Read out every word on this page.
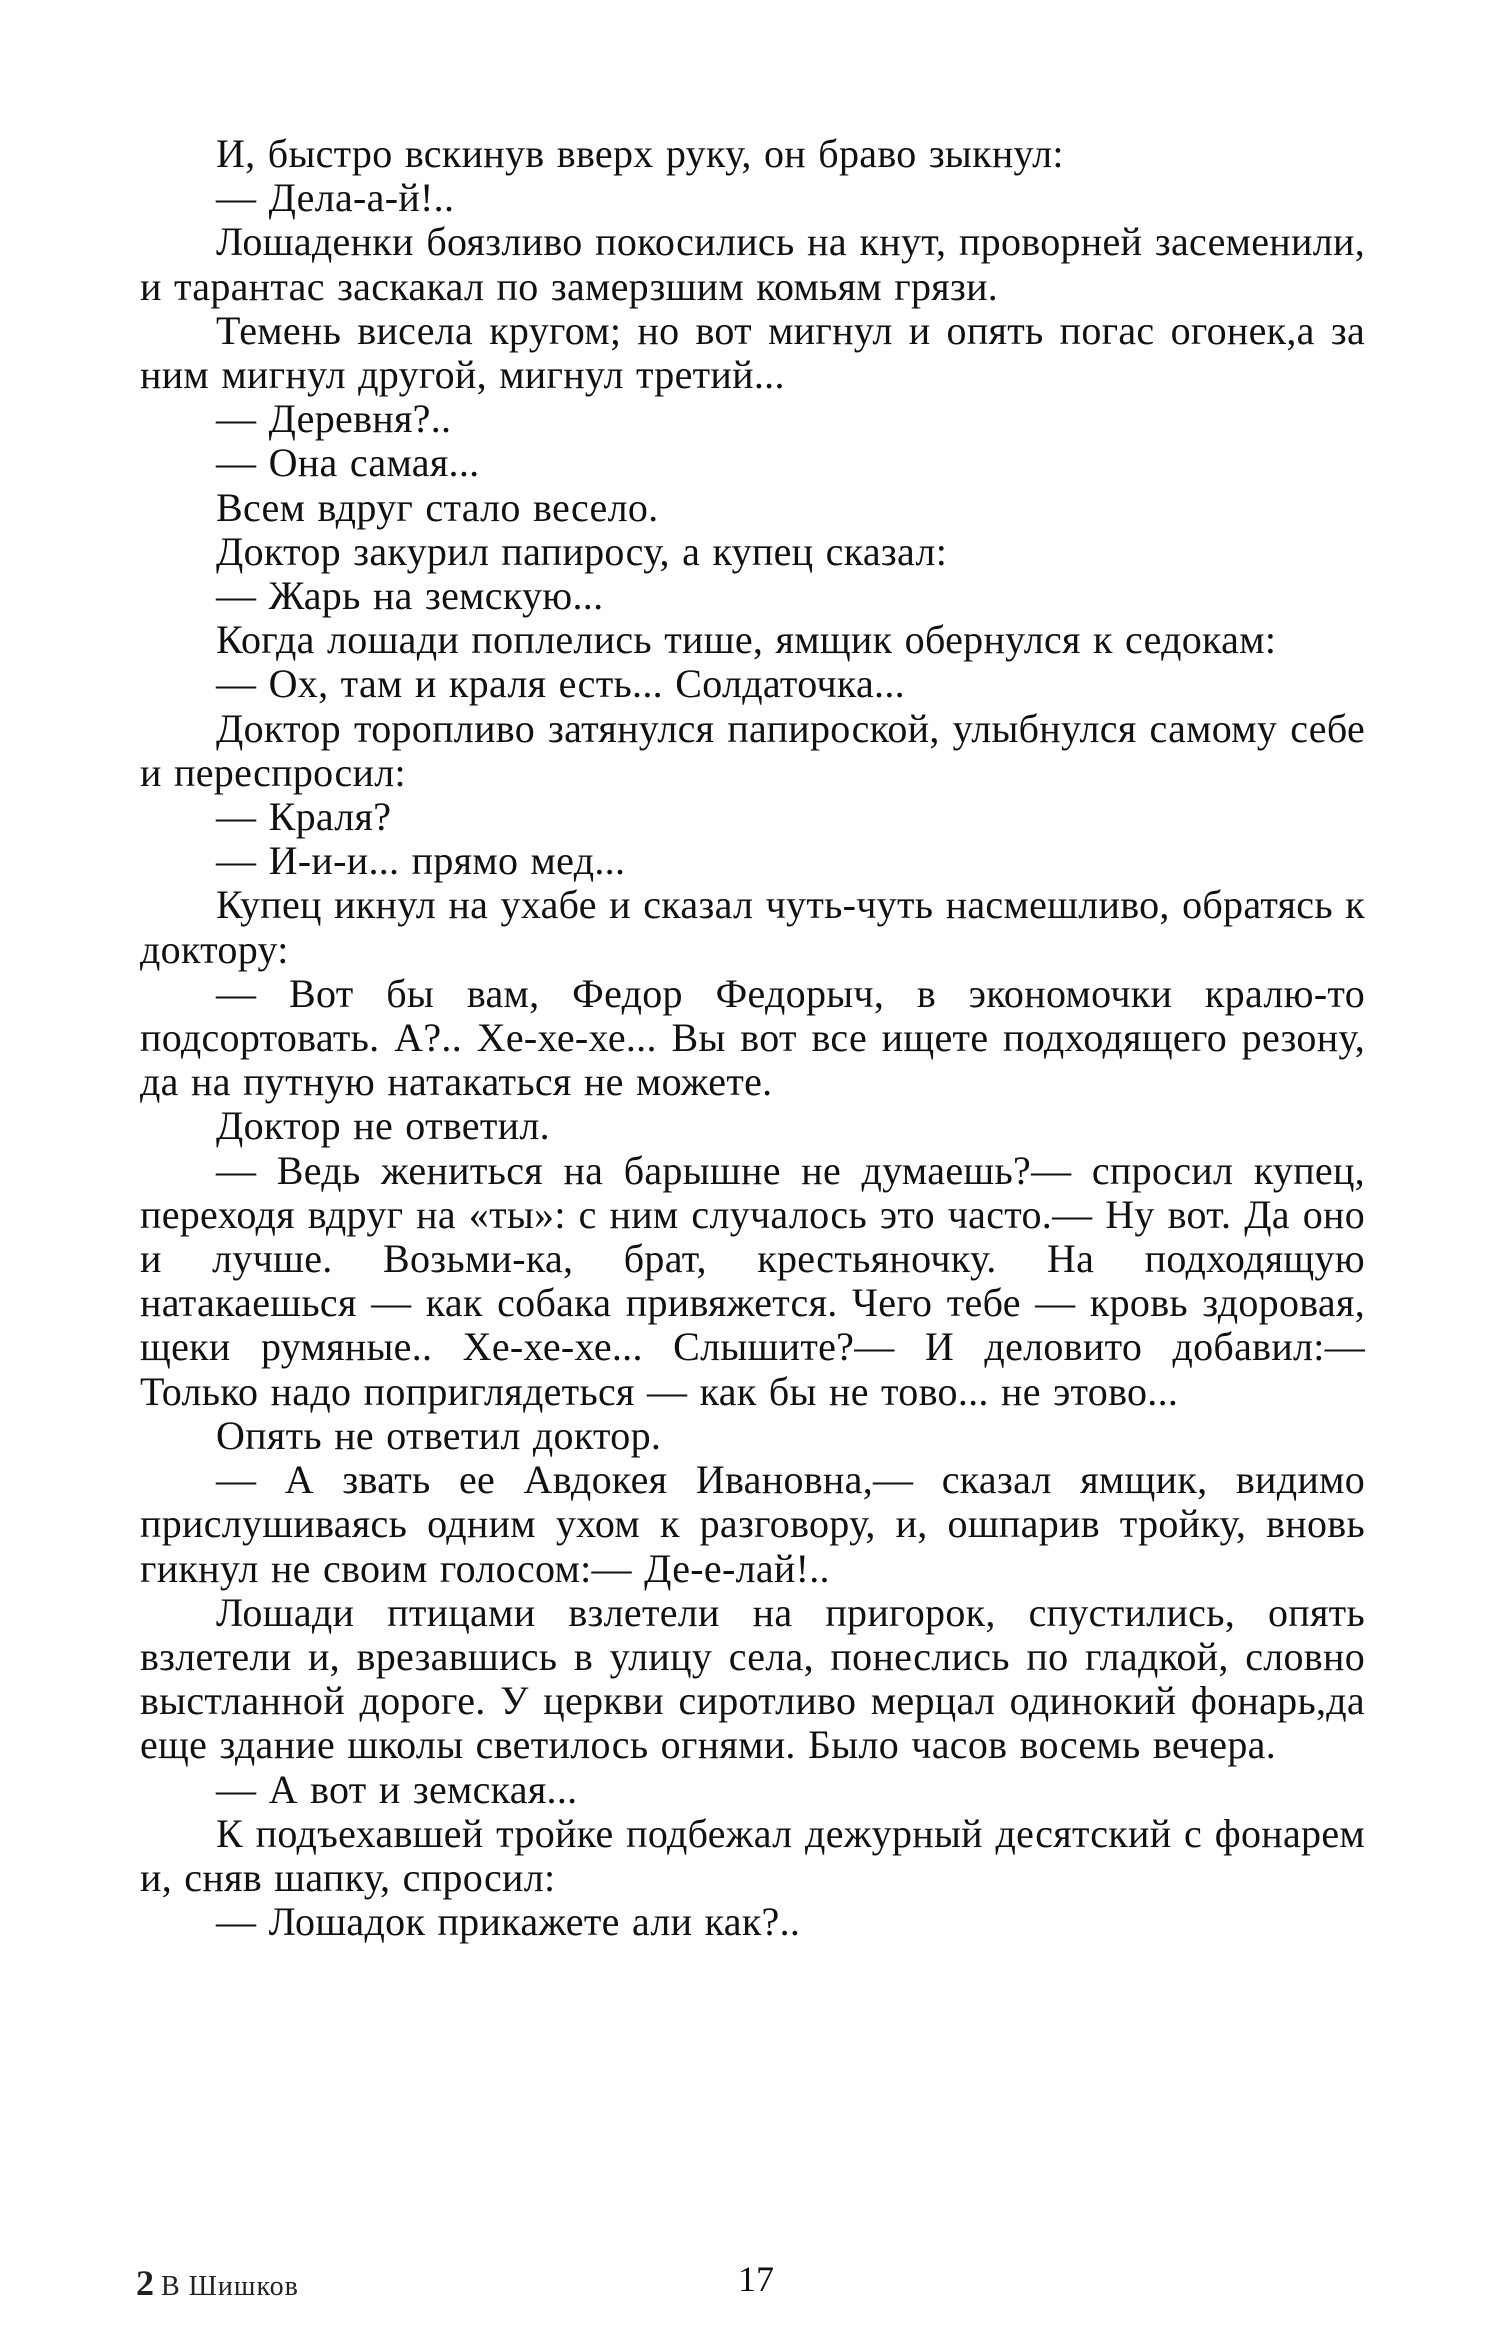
И, быстро вскинув вверх руку, он браво зыкнул:

— Дела-а-й!..

Лошаденки боязливо покосились на кнут, проворней засеменили, и тарантас заскакал по замерзшим комьям грязи.

Темень висела кругом; но вот мигнул и опять погас огонек,а за ним мигнул другой, мигнул третий...

— Деревня?..

— Она самая...

Всем вдруг стало весело.

Доктор закурил папиросу, а купец сказал:

— Жарь на земскую...

Когда лошади поплелись тише, ямщик обернулся к седокам:

— Ох, там и краля есть... Солдаточка...

Доктор торопливо затянулся папироской, улыбнулся самому себе и переспросил:

— Краля?

— И-и-и... прямо мед...

Купец икнул на ухабе и сказал чуть-чуть насмешливо, обратясь к доктору:

— Вот бы вам, Федор Федорыч, в экономочки кралю-то подсортовать. А?.. Хе-хе-хе... Вы вот все ищете подходящего резону, да на путную натакаться не можете.

Доктор не ответил.

— Ведь жениться на барышне не думаешь?— спросил купец, переходя вдруг на «ты»: с ним случалось это часто.— Ну вот. Да оно и лучше. Возьми-ка, брат, крестьяночку. На подходящую натакаешься — как собака привяжется. Чего тебе — кровь здоровая, щеки румяные.. Хе-хе-хе... Слышите?— И деловито добавил:— Только надо поприглядеться — как бы не тово... не этово...

Опять не ответил доктор.

— А звать ее Авдокея Ивановна,— сказал ямщик, видимо прислушиваясь одним ухом к разговору, и, ошпарив тройку, вновь гикнул не своим голосом:— Де-е-лай!..

Лошади птицами взлетели на пригорок, спустились, опять взлетели и, врезавшись в улицу села, понеслись по гладкой, словно выстланной дороге. У церкви сиротливо мерцал одинокий фонарь,да еще здание школы светилось огнями. Было часов восемь вечера.

— А вот и земская...

К подъехавшей тройке подбежал дежурный десятский с фонарем и, сняв шапку, спросил:

— Лошадок прикажете али как?..

2 В Шишков	17
